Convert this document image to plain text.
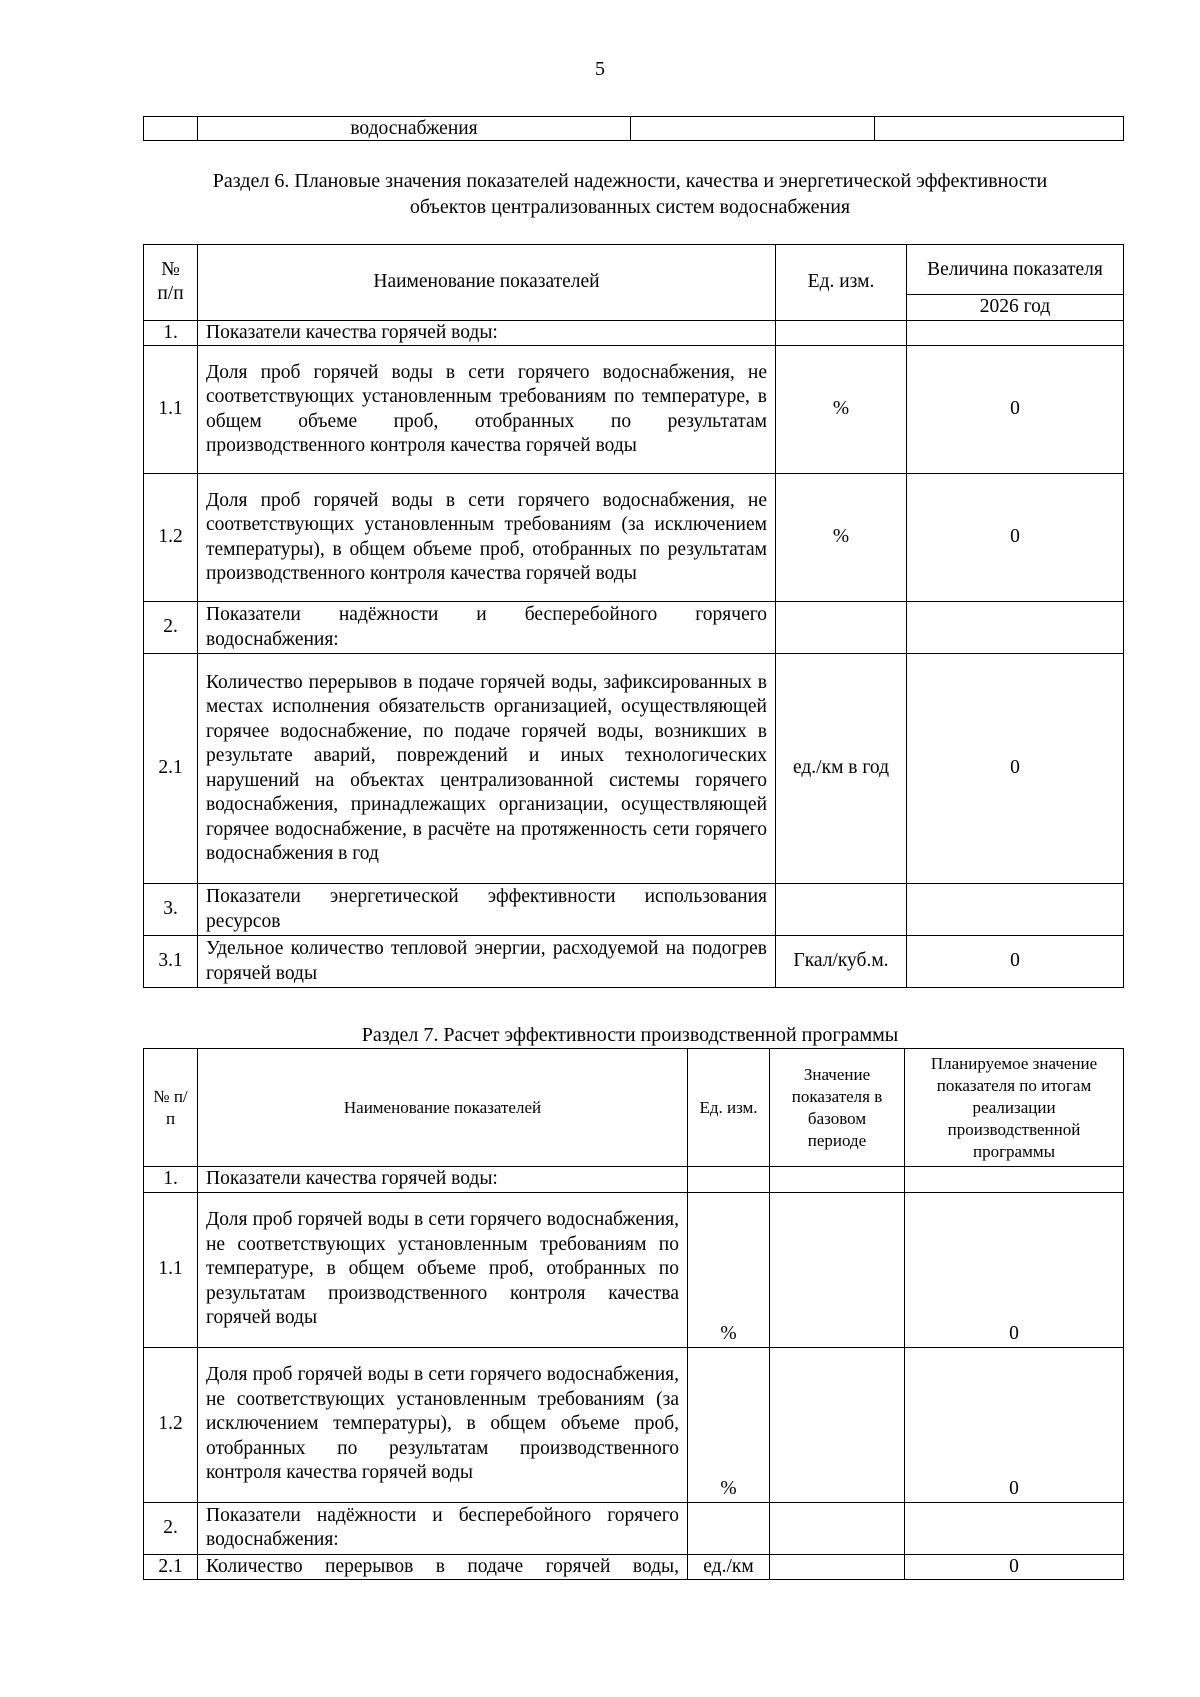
5
	водоснабжения		
Раздел 6. Плановые значения показателей надежности, качества и энергетической эффективности
объектов централизованных систем водоснабжения
№ п/п	Наименование показателей	Ед. изм.	Величина показателя
			2026 год
1.	Показатели качества горячей воды:		
1.1	Доля проб горячей воды в сети горячего водоснабжения, не соответствующих установленным требованиям по температуре, в общем объеме проб, отобранных по результатам производственного контроля качества горячей воды	%	0
1.2	Доля проб горячей воды в сети горячего водоснабжения, не соответствующих установленным требованиям (за исключением температуры), в общем объеме проб, отобранных по результатам производственного контроля качества горячей воды	%	0
2.	Показатели надёжности и бесперебойного горячего водоснабжения:		
2.1	Количество перерывов в подаче горячей воды, зафиксированных в местах исполнения обязательств организацией, осуществляющей горячее водоснабжение, по подаче горячей воды, возникших в результате аварий, повреждений и иных технологических нарушений на объектах централизованной системы горячего водоснабжения, принадлежащих организации, осуществляющей горячее водоснабжение, в расчёте на протяженность сети горячего водоснабжения в год	ед./км в год	0
3.	Показатели энергетической эффективности использования ресурсов		
3.1	Удельное количество тепловой энергии, расходуемой на подогрев горячей воды	Гкал/куб.м.	0
Раздел 7. Расчет эффективности производственной программы
№ п/п	Наименование показателей	Ед. изм.	Значение показателя в базовом периоде	Планируемое значение показателя по итогам реализации производственной программы
1.	Показатели качества горячей воды:			
1.1	Доля проб горячей воды в сети горячего водоснабжения, не соответствующих установленным требованиям по температуре, в общем объеме проб, отобранных по результатам производственного контроля качества горячей воды	%		0
1.2	Доля проб горячей воды в сети горячего водоснабжения, не соответствующих установленным требованиям (за исключением температуры), в общем объеме проб, отобранных по результатам производственного контроля качества горячей воды	%		0
2.	Показатели надёжности и бесперебойного горячего водоснабжения:			
2.1	Количество перерывов в подаче горячей воды,	ед./км		0
